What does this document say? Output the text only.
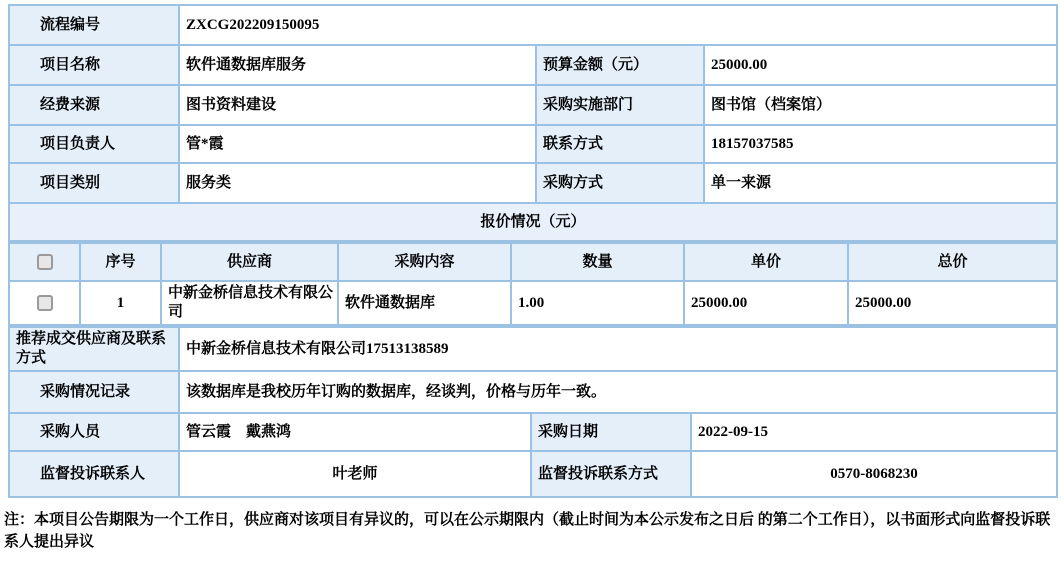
流程编号	ZXCG202209150095		
项目名称	软件通数据库服务	预算金额（元）	25000.00
经费来源	图书资料建设	采购实施部门	图书馆（档案馆）
项目负责人	管*霞	联系方式	18157037585
项目类别	服务类	采购方式	单一来源
报价情况（元）			
	序号	供应商	采购内容	数量	单价	总价
	1	中新金桥信息技术有限公司	软件通数据库	1.00	25000.00	25000.00
推荐成交供应商及联系方式	中新金桥信息技术有限公司17513138589		
采购情况记录	该数据库是我校历年订购的数据库，经谈判，价格与历年一致。		
采购人员	管云霞　戴燕鸿	采购日期	2022-09-15
监督投诉联系人	叶老师	监督投诉联系方式	0570-8068230
注：本项目公告期限为一个工作日，供应商对该项目有异议的，可以在公示期限内（截止时间为本公示发布之日后 的第二个工作日），以书面形式向监督投诉联系人提出异议
